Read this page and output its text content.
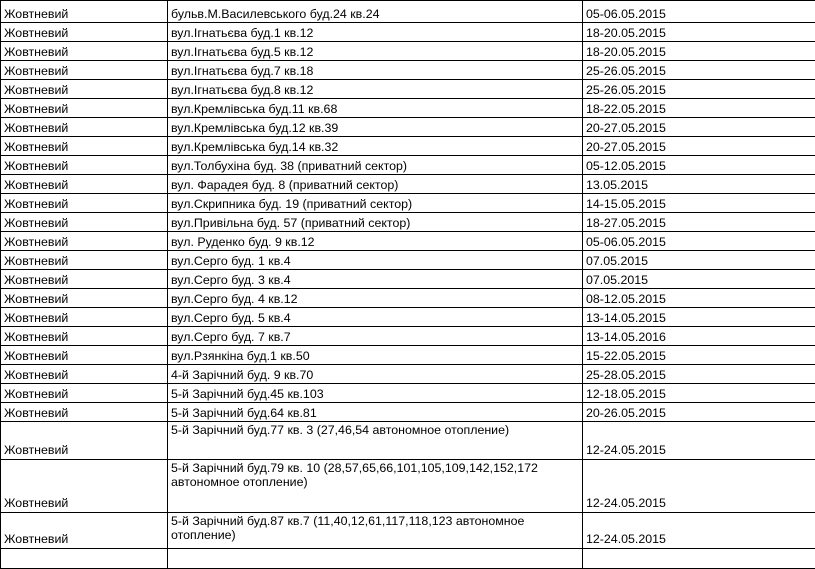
Жовтневий	бульв.М.Василевського буд.24 кв.24	05-06.05.2015
Жовтневий	вул.Ігнатьєва буд.1 кв.12	18-20.05.2015
Жовтневий	вул.Ігнатьєва буд.5 кв.12	18-20.05.2015
Жовтневий	вул.Ігнатьєва буд.7 кв.18	25-26.05.2015
Жовтневий	вул.Ігнатьєва буд.8 кв.12	25-26.05.2015
Жовтневий	вул.Кремлівська буд.11 кв.68	18-22.05.2015
Жовтневий	вул.Кремлівська буд.12 кв.39	20-27.05.2015
Жовтневий	вул.Кремлівська буд.14 кв.32	20-27.05.2015
Жовтневий	вул.Толбухіна буд. 38 (приватний сектор)	05-12.05.2015
Жовтневий	вул. Фарадея буд. 8 (приватний сектор)	13.05.2015
Жовтневий	вул.Скрипника буд. 19 (приватний сектор)	14-15.05.2015
Жовтневий	вул.Привільна буд. 57 (приватний сектор)	18-27.05.2015
Жовтневий	вул. Руденко буд. 9 кв.12	05-06.05.2015
Жовтневий	вул.Серго буд. 1 кв.4	07.05.2015
Жовтневий	вул.Серго буд. 3 кв.4	07.05.2015
Жовтневий	вул.Серго буд. 4 кв.12	08-12.05.2015
Жовтневий	вул.Серго буд. 5 кв.4	13-14.05.2015
Жовтневий	вул.Серго буд. 7 кв.7	13-14.05.2016
Жовтневий	вул.Рзянкіна буд.1 кв.50	15-22.05.2015
Жовтневий	4-й Зарічний буд. 9 кв.70	25-28.05.2015
Жовтневий	5-й Зарічний буд.45 кв.103	12-18.05.2015
Жовтневий	5-й Зарічний буд.64 кв.81	20-26.05.2015
Жовтневий	5-й Зарічний буд.77 кв. 3 (27,46,54 автономное отопление)	12-24.05.2015
Жовтневий	5-й Зарічний буд.79 кв. 10 (28,57,65,66,101,105,109,142,152,172 автономное отопление)	12-24.05.2015
Жовтневий	5-й Зарічний буд.87 кв.7 (11,40,12,61,117,118,123 автономное отопление)	12-24.05.2015
